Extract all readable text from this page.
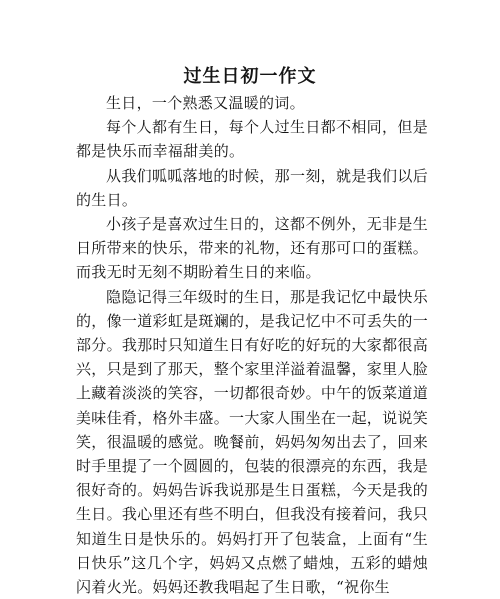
过生日初一作文

生日，一个熟悉又温暖的词。

每个人都有生日，每个人过生日都不相同，但是都是快乐而幸福甜美的。

从我们呱呱落地的时候，那一刻，就是我们以后的生日。

小孩子是喜欢过生日的，这都不例外，无非是生日所带来的快乐，带来的礼物，还有那可口的蛋糕。而我无时无刻不期盼着生日的来临。

隐隐记得三年级时的生日，那是我记忆中最快乐的，像一道彩虹是斑斓的，是我记忆中不可丢失的一部分。我那时只知道生日有好吃的好玩的大家都很高兴，只是到了那天，整个家里洋溢着温馨，家里人脸上藏着淡淡的笑容，一切都很奇妙。中午的饭菜道道美味佳肴，格外丰盛。一大家人围坐在一起，说说笑笑，很温暖的感觉。晚餐前，妈妈匆匆出去了，回来时手里提了一个圆圆的，包装的很漂亮的东西，我是很好奇的。妈妈告诉我说那是生日蛋糕，今天是我的生日。我心里还有些不明白，但我没有接着问，我只知道生日是快乐的。妈妈打开了包装盒，上面有“生日快乐”这几个字，妈妈又点燃了蜡烛，五彩的蜡烛闪着火光。妈妈还教我唱起了生日歌，“祝你生
